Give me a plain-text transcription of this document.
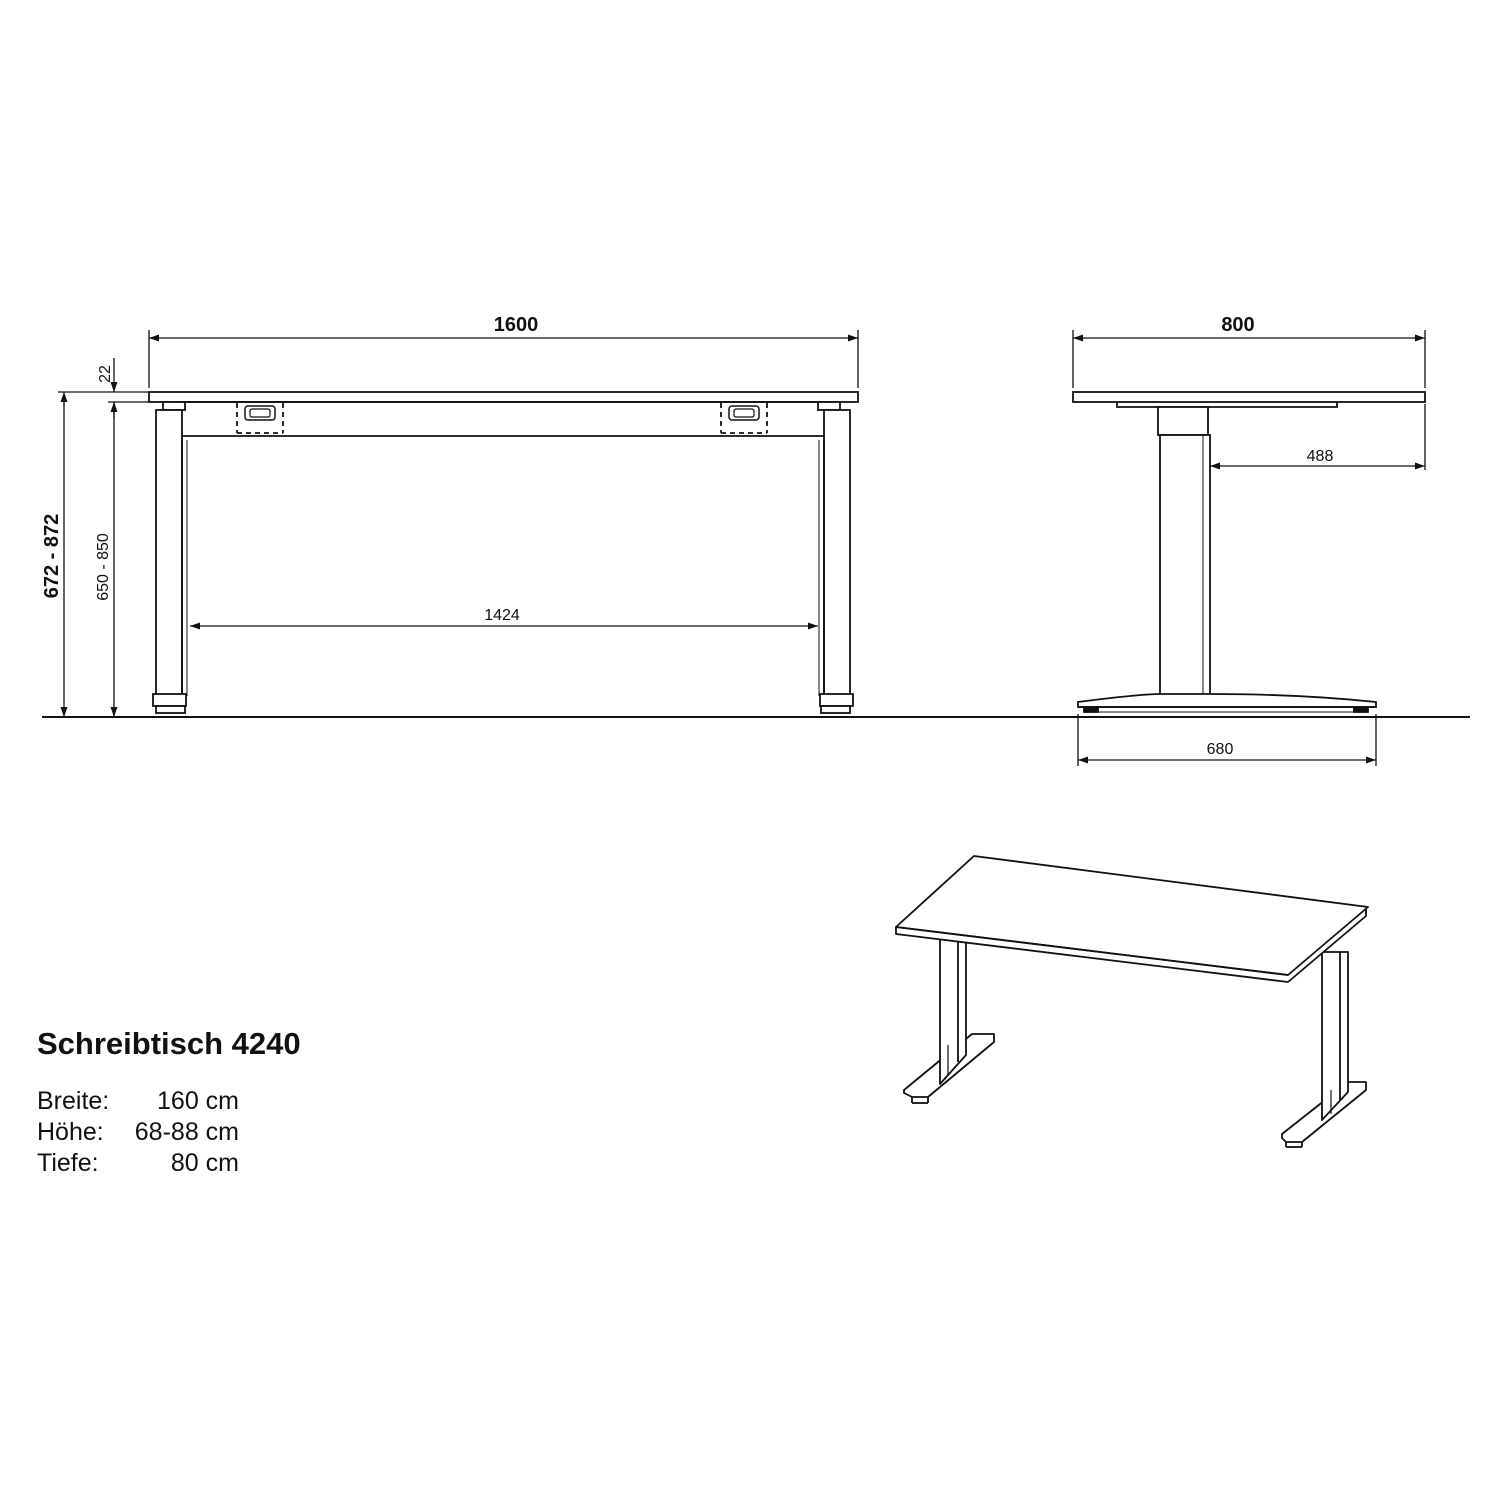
1600
1424
22
672 - 872 650 - 850
800
488
680
Schreibtisch 4240
Breite:	160 cm
Höhe:	68-88 cm
Tiefe:	80 cm
